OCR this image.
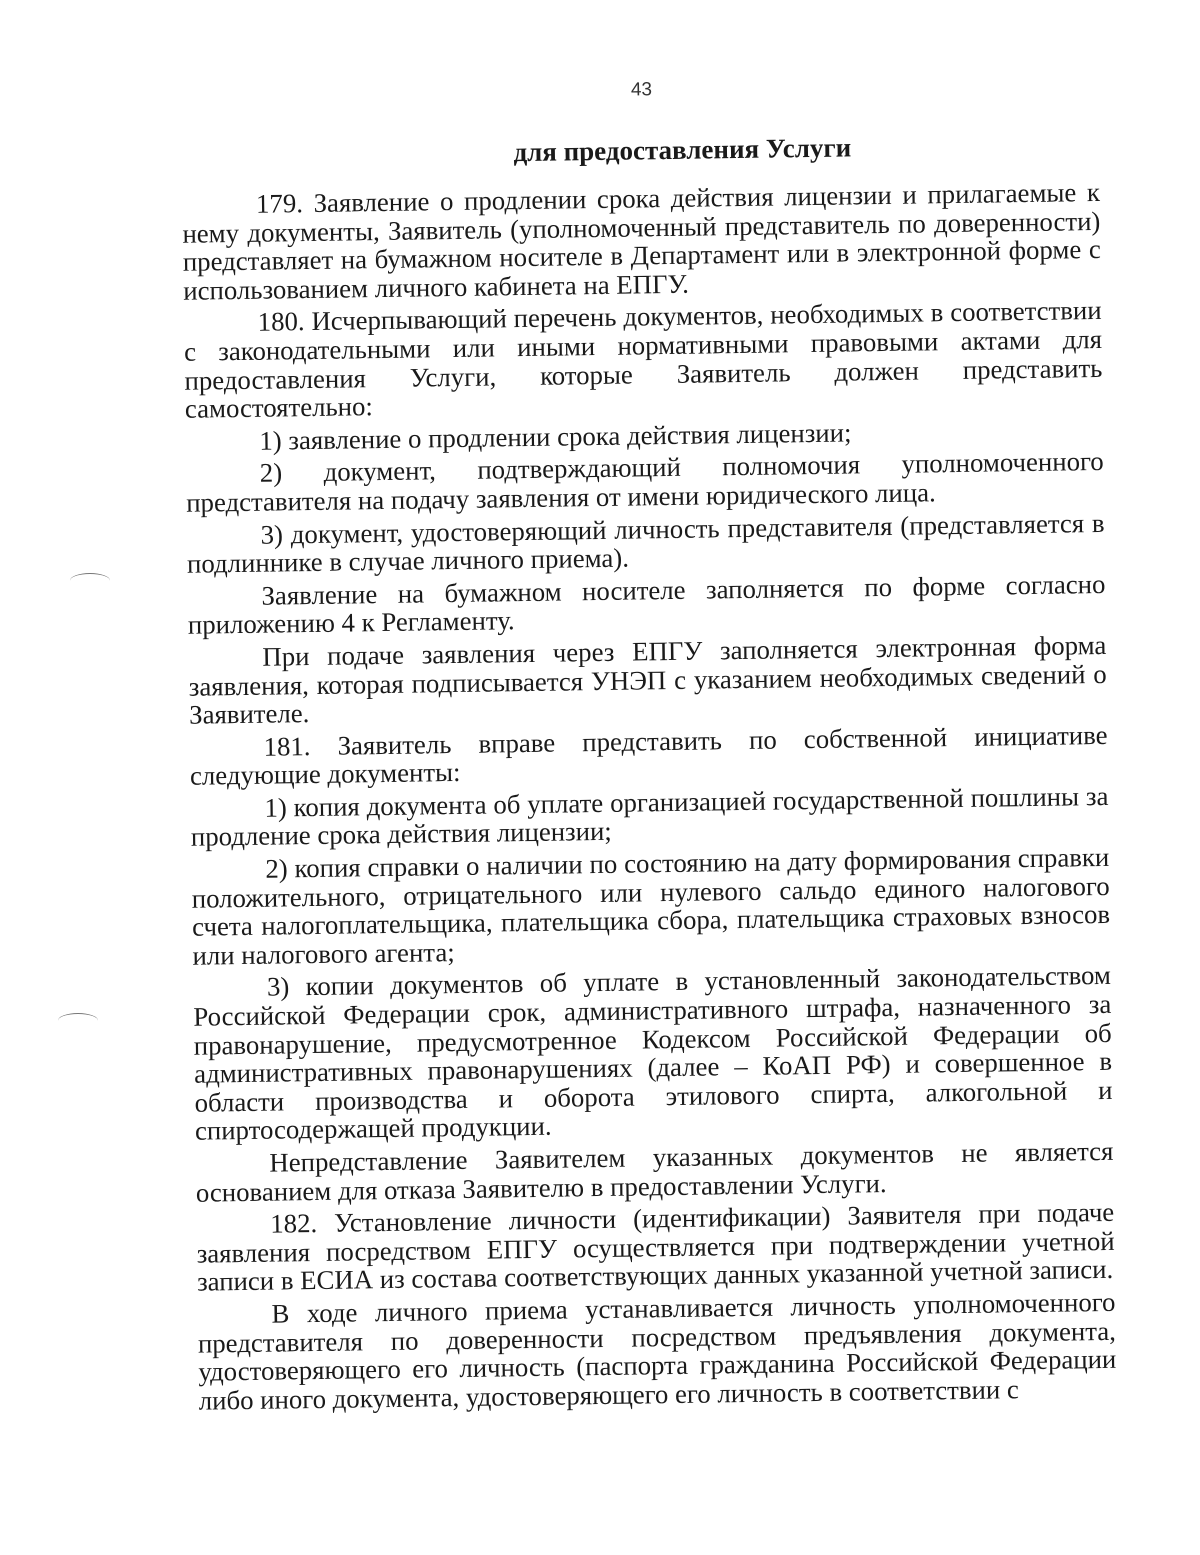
43
для предоставления Услуги

179. Заявление о продлении срока действия лицензии и прилагаемые к нему документы, Заявитель (уполномоченный представитель по доверенности) представляет на бумажном носителе в Департамент или в электронной форме с использованием личного кабинета на ЕПГУ.

180. Исчерпывающий перечень документов, необходимых в соответствии с законодательными или иными нормативными правовыми актами для предоставления Услуги, которые Заявитель должен представить самостоятельно:

1) заявление о продлении срока действия лицензии;

2) документ, подтверждающий полномочия уполномоченного представителя на подачу заявления от имени юридического лица.

3) документ, удостоверяющий личность представителя (представляется в подлиннике в случае личного приема).

Заявление на бумажном носителе заполняется по форме согласно приложению 4 к Регламенту.

При подаче заявления через ЕПГУ заполняется электронная форма заявления, которая подписывается УНЭП с указанием необходимых сведений о Заявителе.

181. Заявитель вправе представить по собственной инициативе следующие документы:

1) копия документа об уплате организацией государственной пошлины за продление срока действия лицензии;

2) копия справки о наличии по состоянию на дату формирования справки положительного, отрицательного или нулевого сальдо единого налогового счета налогоплательщика, плательщика сбора, плательщика страховых взносов или налогового агента;

3) копии документов об уплате в установленный законодательством Российской Федерации срок, административного штрафа, назначенного за правонарушение, предусмотренное Кодексом Российской Федерации об административных правонарушениях (далее – КоАП РФ) и совершенное в области производства и оборота этилового спирта, алкогольной и спиртосодержащей продукции.

Непредставление Заявителем указанных документов не является основанием для отказа Заявителю в предоставлении Услуги.

182. Установление личности (идентификации) Заявителя при подаче заявления посредством ЕПГУ осуществляется при подтверждении учетной записи в ЕСИА из состава соответствующих данных указанной учетной записи.

В ходе личного приема устанавливается личность уполномоченного представителя по доверенности посредством предъявления документа, удостоверяющего его личность (паспорта гражданина Российской Федерации либо иного документа, удостоверяющего его личность в соответствии с
